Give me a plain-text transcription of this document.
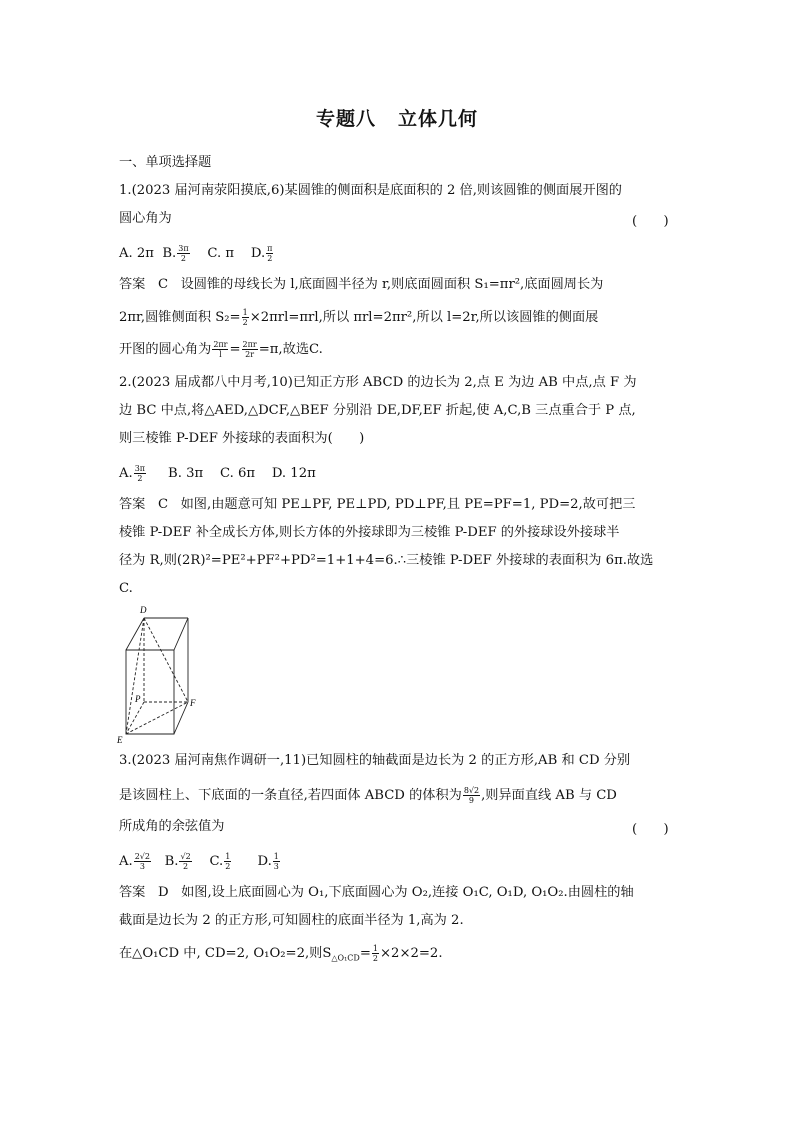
专题八 立体几何
一、单项选择题
1.(2023 届河南荥阳摸底,6)某圆锥的侧面积是底面积的 2 倍,则该圆锥的侧面展开图的
圆心角为	(　　)
A. 2π B. $\frac{3\pi}{2} C$. π D. $\frac{\pi}{2}$
答案 C 设圆锥的母线长为 l,底面圆半径为 r,则底面圆面积 S₁=πr²,底面圆周长为
2πr,圆锥侧面积 $S_2= \frac{1}{2} \times 2\pi rl=\pi rl$,所以 πrl=2πr²,所以 l=2r,所以该圆锥的侧面展
开图的圆心角为 $\frac{2\pi r}{l} = \frac{2\pi r}{2r} =\pi$,故选C.
2.(2023 届成都八中月考,10)已知正方形 ABCD 的边长为 2,点 E 为边 AB 中点,点 F 为
边 BC 中点,将△AED,△DCF,△BEF 分别沿 DE,DF,EF 折起,使 A,C,B 三点重合于 P 点,
则三棱锥 P-DEF 外接球的表面积为(　　)
A. $\frac{3\pi}{2} B$. 3π C. 6π D. 12π
答案 C 如图,由题意可知 PE⊥PF, PE⊥PD, PD⊥PF,且 PE=PF=1, PD=2,故可把三
棱锥 P-DEF 补全成长方体,则长方体的外接球即为三棱锥 P-DEF 的外接球设外接球半
径为 R,则(2R)²=PE²+PF²+PD²=1+1+4=6.∴三棱锥 P-DEF 外接球的表面积为 6π.故选
C.
D
P	F
E
3.(2023 届河南焦作调研一,11)已知圆柱的轴截面是边长为 2 的正方形,AB 和 CD 分别
是该圆柱上、下底面的一条直径,若四面体 ABCD 的体积为 $\frac{8√2}{9}$ ,则异面直线 AB 与 CD
所成角的余弦值为	(　　)
A. $\frac{2√2}{3} B$. $\frac{√2}{2} C$. $\frac{1}{2} D$. $\frac{1}{3}$
答案 D 如图,设上底面圆心为 O₁,下底面圆心为 O₂,连接 O₁C, O₁D, O₁O₂.由圆柱的轴
截面是边长为 2 的正方形,可知圆柱的底面半径为 1,高为 2.
在△O₁CD 中, CD=2, O₁O₂=2,则$S_{\triangle O_1CD}= \frac{1}{2} \times 2\times 2=2$.
